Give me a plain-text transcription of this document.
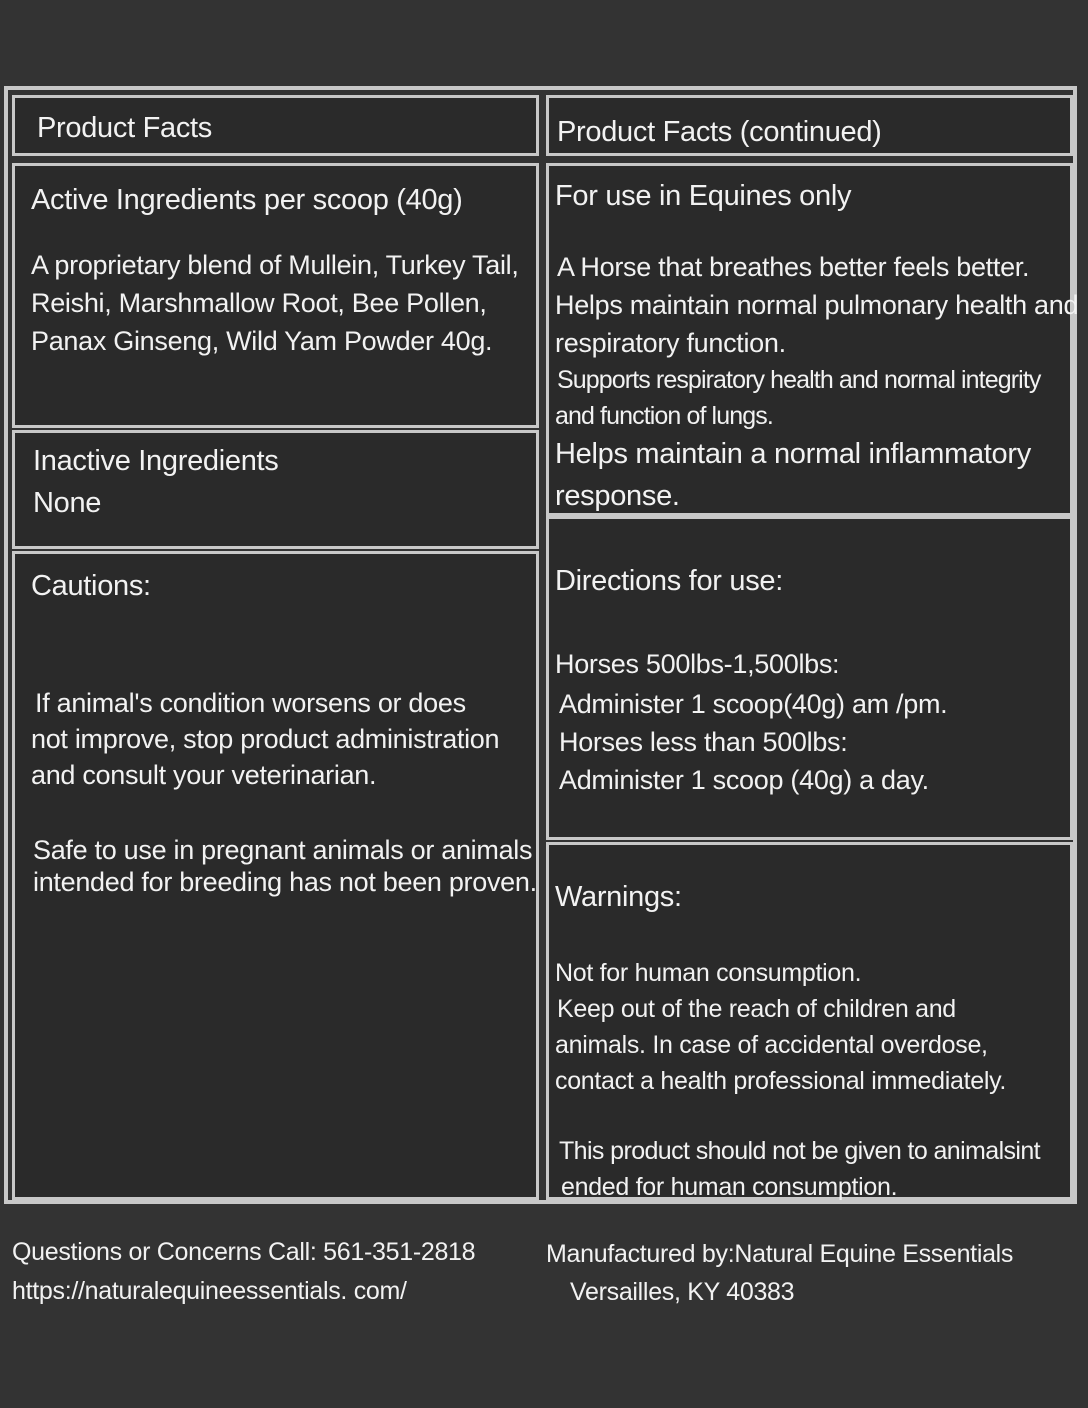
Product Facts
Active Ingredients per scoop (40g)
A proprietary blend of Mullein, Turkey Tail,
Reishi, Marshmallow Root, Bee Pollen,
Panax Ginseng, Wild Yam Powder 40g.
Inactive Ingredients
None
Cautions:
If animal's condition worsens or does
not improve, stop product administration
and consult your veterinarian.
Safe to use in pregnant animals or animals
intended for breeding has not been proven.
Product Facts (continued)
For use in Equines only
A Horse that breathes better feels better.
Helps maintain normal pulmonary health and
respiratory function.
Supports respiratory health and normal integrity
and function of lungs.
Helps maintain a normal inflammatory
response.
Directions for use:
Horses 500lbs-1,500lbs:
Administer 1 scoop(40g) am /pm.
Horses less than 500lbs:
Administer 1 scoop (40g) a day.
Warnings:
Not for human consumption.
Keep out of the reach of children and
animals. In case of accidental overdose,
contact a health professional immediately.
This product should not be given to animalsint
ended for human consumption.
Questions or Concerns Call: 561-351-2818
https://naturalequineessentials. com/
Manufactured by:Natural Equine Essentials
Versailles, KY 40383
